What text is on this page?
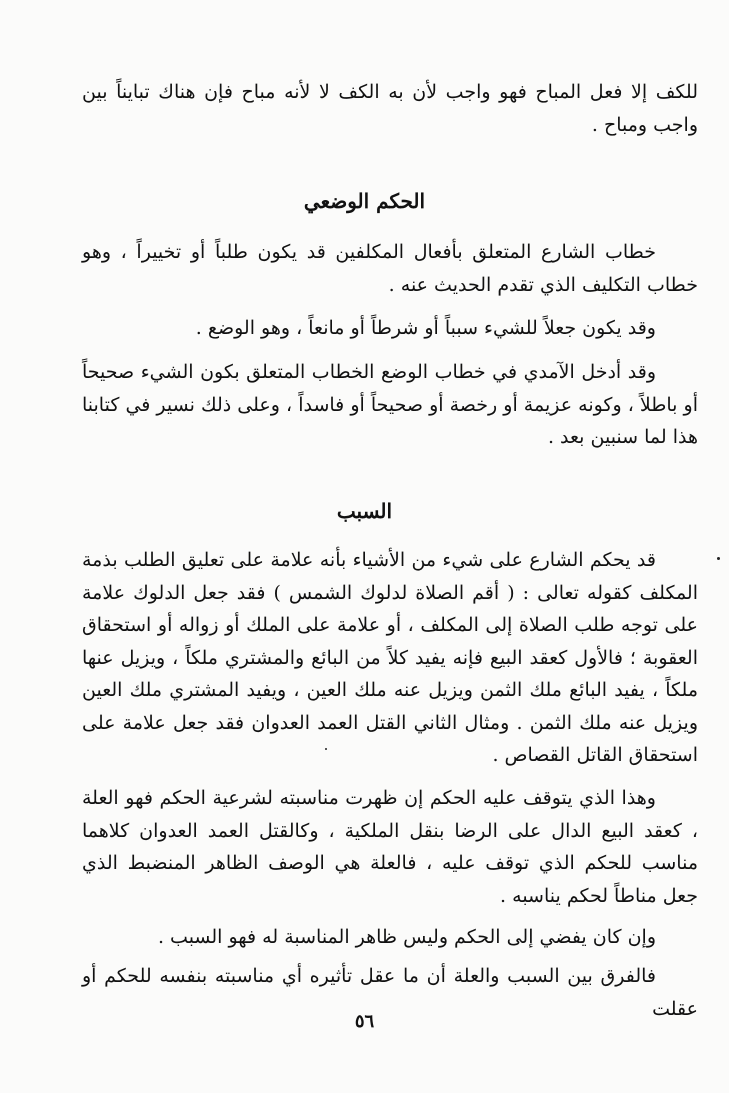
للكف إلا فعل المباح فهو واجب لأن به الكف لا لأنه مباح فإن هناك تبايناً بين واجب ومباح .

الحكم الوضعي

خطاب الشارع المتعلق بأفعال المكلفين قد يكون طلباً أو تخييراً ، وهو خطاب التكليف الذي تقدم الحديث عنه .

وقد يكون جعلاً للشيء سبباً أو شرطاً أو مانعاً ، وهو الوضع .

وقد أدخل الآمدي في خطاب الوضع الخطاب المتعلق بكون الشيء صحيحاً أو باطلاً ، وكونه عزيمة أو رخصة أو صحيحاً أو فاسداً ، وعلى ذلك نسير في كتابنا هذا لما سنبين بعد .

السبب

قد يحكم الشارع على شيء من الأشياء بأنه علامة على تعليق الطلب بذمة المكلف كقوله تعالى : ( أقم الصلاة لدلوك الشمس ) فقد جعل الدلوك علامة على توجه طلب الصلاة إلى المكلف ، أو علامة على الملك أو زواله أو استحقاق العقوبة ؛ فالأول كعقد البيع فإنه يفيد كلاً من البائع والمشتري ملكاً ، ويزيل عنها ملكاً ، يفيد البائع ملك الثمن ويزيل عنه ملك العين ، ويفيد المشتري ملك العين ويزيل عنه ملك الثمن . ومثال الثاني القتل العمد العدوان فقد جعل علامة على استحقاق القاتل القصاص .

وهذا الذي يتوقف عليه الحكم إن ظهرت مناسبته لشرعية الحكم فهو العلة ، كعقد البيع الدال على الرضا بنقل الملكية ، وكالقتل العمد العدوان كلاهما مناسب للحكم الذي توقف عليه ، فالعلة هي الوصف الظاهر المنضبط الذي جعل مناطاً لحكم يناسبه .

وإن كان يفضي إلى الحكم وليس ظاهر المناسبة له فهو السبب .

فالفرق بين السبب والعلة أن ما عقل تأثيره أي مناسبته بنفسه للحكم أو عقلت

٥٦
